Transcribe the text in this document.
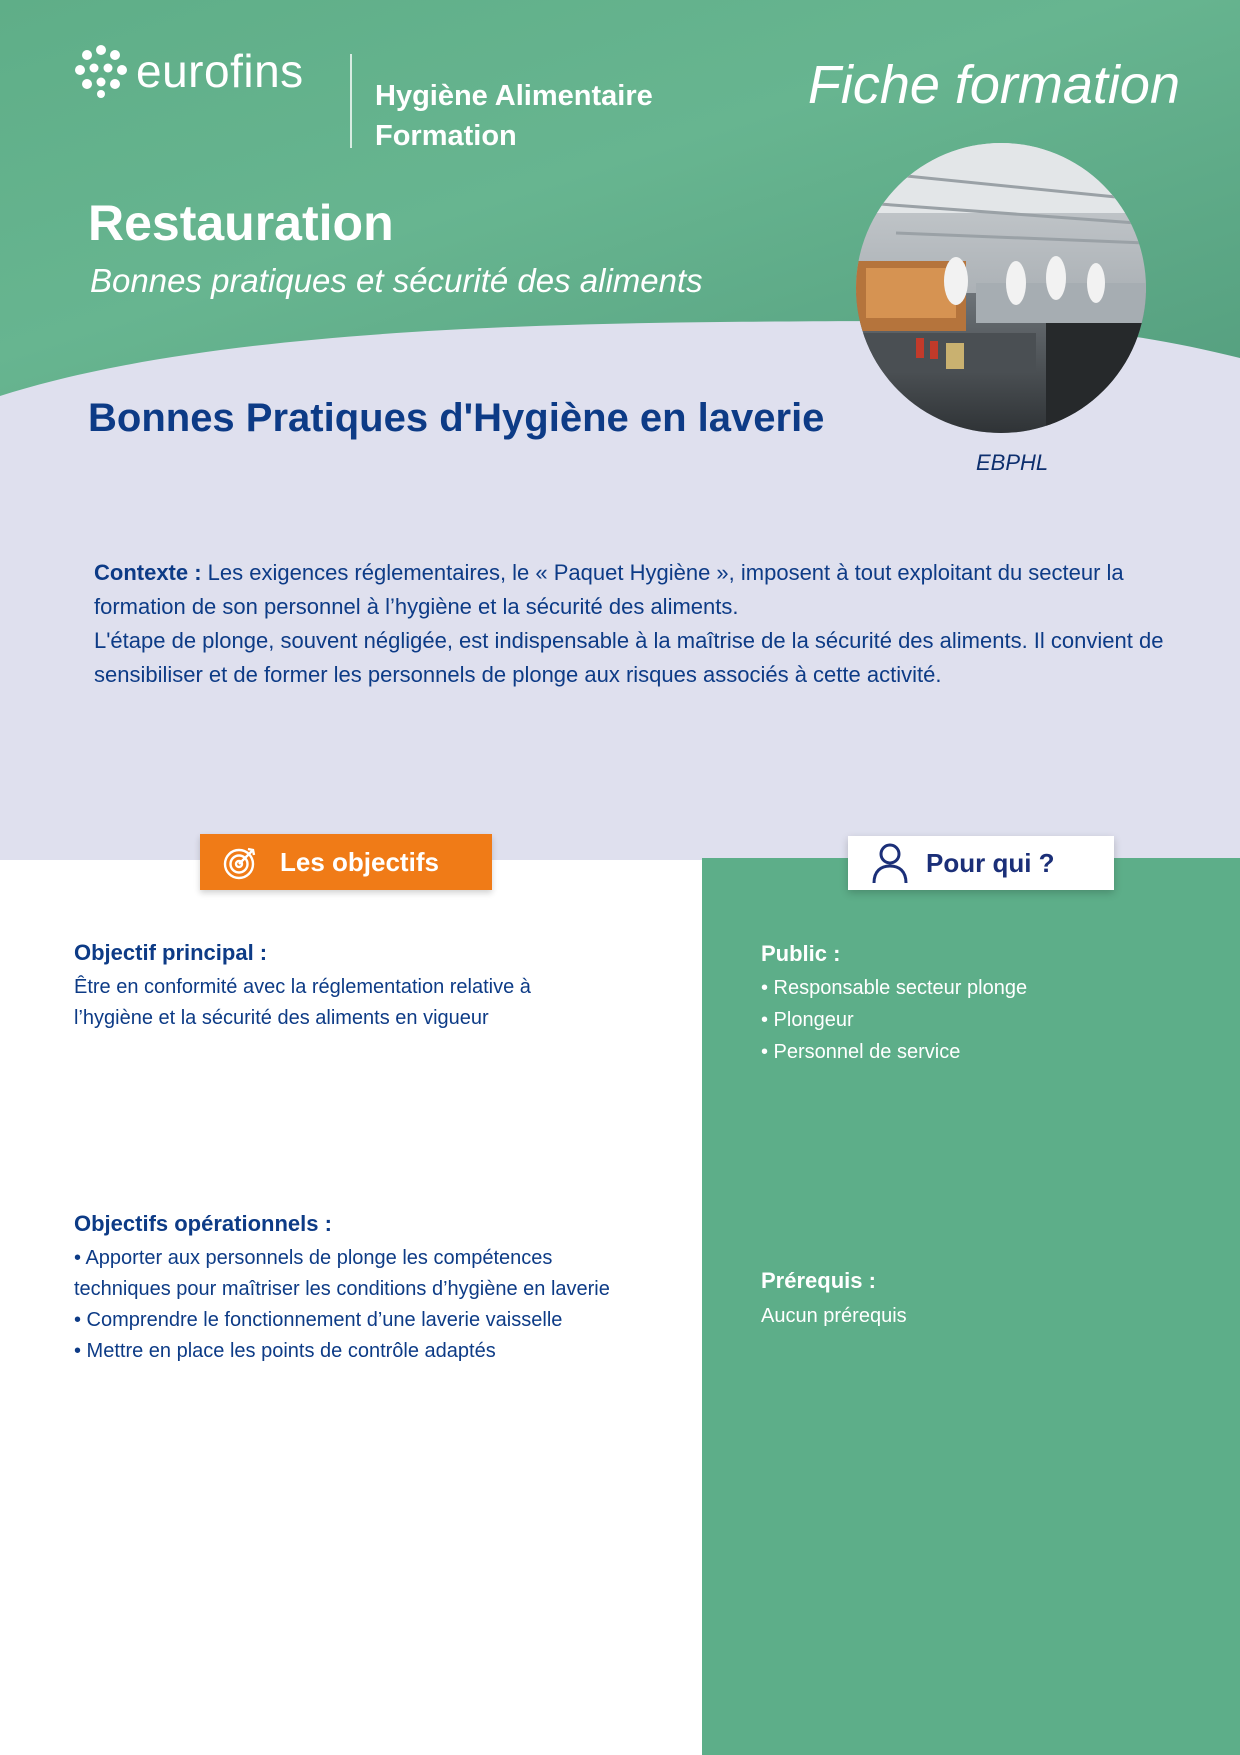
eurofins Hygiène Alimentaire
Formation
Fiche formation
Restauration
Bonnes pratiques et sécurité des aliments
EBPHL
Bonnes Pratiques d'Hygiène en laverie

Contexte : Les exigences réglementaires, le « Paquet Hygiène », imposent à tout exploitant du secteur la formation de son personnel à l’hygiène et la sécurité des aliments.

L'étape de plonge, souvent négligée, est indispensable à la maîtrise de la sécurité des aliments. Il convient de sensibiliser et de former les personnels de plonge aux risques associés à cette activité.

Les objectifs	Pour qui ?
Objectif principal :
Être en conformité avec la réglementation relative à l’hygiène et la sécurité des aliments en vigueur
Objectifs opérationnels :

• Apporter aux personnels de plonge les compétences techniques pour maîtriser les conditions d’hygiène en laverie

• Comprendre le fonctionnement d’une laverie vaisselle

• Mettre en place les points de contrôle adaptés

Public :

• Responsable secteur plonge

• Plongeur

• Personnel de service

Prérequis :
Aucun prérequis
